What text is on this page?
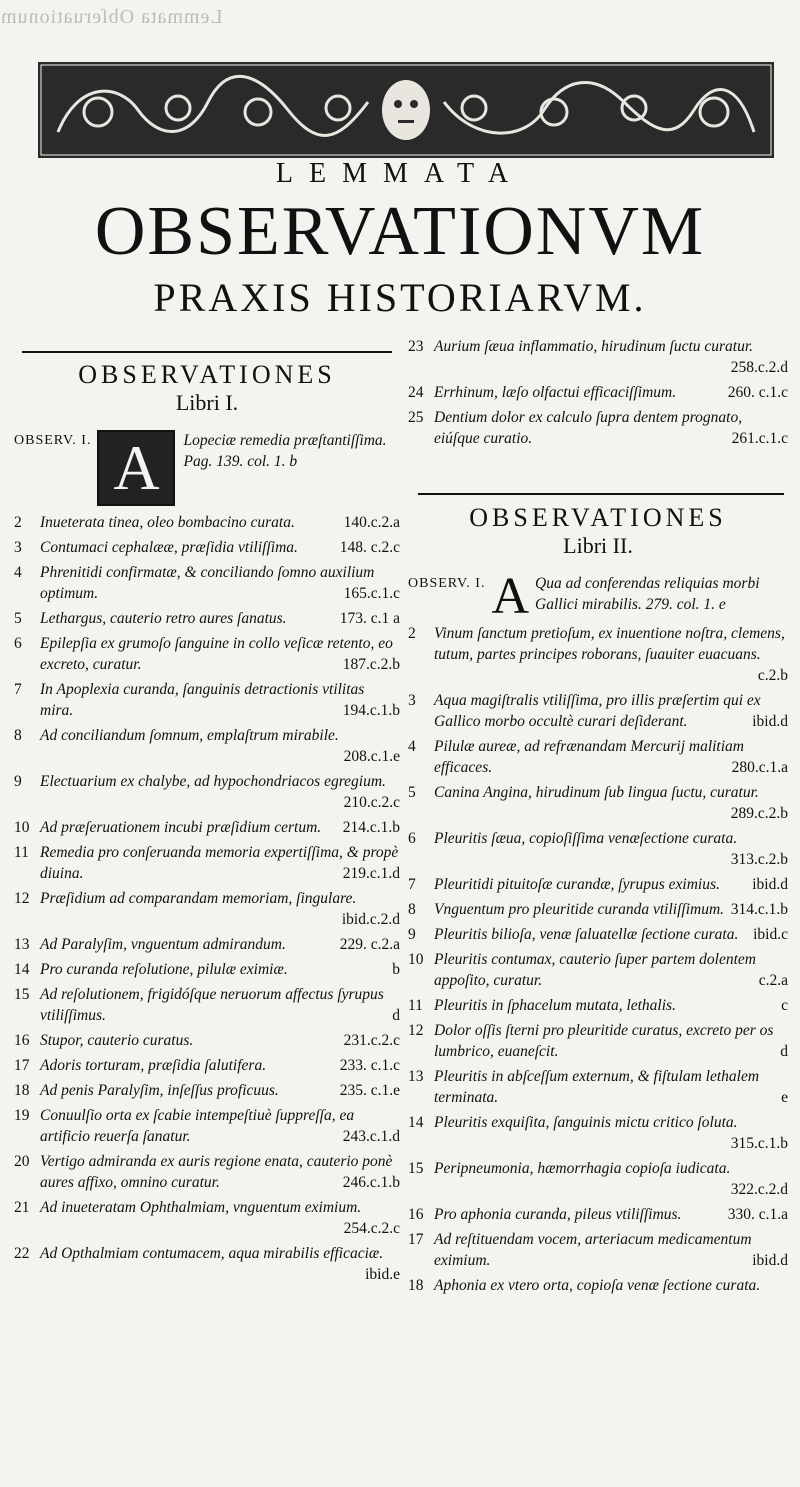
Lemmata Obſeruationum
LEMMATA
OBSERVATIONVM
PRAXIS HISTORIARVM.
OBSERVATIONES
Libri I.
OBSERV. I. A	Lopeciæ remedia præſtantiſſima. Pag. 139. col. 1. b
2 Inueterata tinea, oleo bombacino curata.	140.c.2.a
3 Contumaci cephalææ, præſidia vtiliſſima.	148. c.2.c
4 Phrenitidi confirmatæ, & conciliando ſomno auxilium optimum.	165.c.1.c
5 Lethargus, cauterio retro aures ſanatus.	173. c.1 a
6 Epilepſia ex grumoſo ſanguine in collo veſicæ retento, eo excreto, curatur.	187.c.2.b
7 In Apoplexia curanda, ſanguinis detractionis vtilitas mira.	194.c.1.b
8 Ad conciliandum ſomnum, emplaſtrum mirabile.
208.c.1.e
9 Electuarium ex chalybe, ad hypochondriacos egregium.
210.c.2.c
10 Ad præſeruationem incubi præſidium certum.	214.c.1.b
11 Remedia pro conſeruanda memoria expertiſſima, & propè diuina.	219.c.1.d
12 Præſidium ad comparandam memoriam, ſingulare.
ibid.c.2.d
13 Ad Paralyſim, vnguentum admirandum.	229. c.2.a
14 Pro curanda reſolutione, pilulæ eximiæ.	b
15 Ad reſolutionem, frigidóſque neruorum affectus ſyrupus vtiliſſimus.	d
16 Stupor, cauterio curatus.	231.c.2.c
17 Adoris torturam, præſidia ſalutifera.	233. c.1.c
18 Ad penis Paralyſim, inſeſſus proficuus.	235. c.1.e
19 Conuulſio orta ex ſcabie intempeſtiuè ſuppreſſa, ea artificio reuerſa ſanatur.	243.c.1.d
20 Vertigo admiranda ex auris regione enata, cauterio ponè aures affixo, omnino curatur.	246.c.1.b
21 Ad inueteratam Ophthalmiam, vnguentum eximium.
254.c.2.c
22 Ad Opthalmiam contumacem, aqua mirabilis efficaciæ.
ibid.e
23 Aurium ſæua inflammatio, hirudinum ſuctu curatur.
258.c.2.d
24 Errhinum, læſo olfactui efficaciſſimum.	260. c.1.c
25 Dentium dolor ex calculo ſupra dentem prognato, eiúſque curatio.	261.c.1.c
OBSERVATIONES
Libri II.
OBSERV. I. A Qua ad conferendas reliquias morbi Gallici mirabilis. 279. col. 1. e
2 Vinum ſanctum pretioſum, ex inuentione noſtra, clemens, tutum, partes principes roborans, ſuauiter euacuans.
c.2.b
3 Aqua magiſtralis vtiliſſima, pro illis præſertim qui ex Gallico morbo occultè curari deſiderant.	ibid.d
4 Pilulæ aureæ, ad refrænandam Mercurij malitiam efficaces.	280.c.1.a
5 Canina Angina, hirudinum ſub lingua ſuctu, curatur.
289.c.2.b
6 Pleuritis ſæua, copioſiſſima venæſectione curata.
313.c.2.b
7 Pleuritidi pituitoſæ curandæ, ſyrupus eximius.	ibid.d
8 Vnguentum pro pleuritide curanda vtiliſſimum. 314.c.1.b
9 Pleuritis bilioſa, venæ ſaluatellæ ſectione curata. ibid.c
10 Pleuritis contumax, cauterio ſuper partem dolentem appoſito, curatur.	c.2.a
11 Pleuritis in ſphacelum mutata, lethalis.	c
12 Dolor oſſis ſterni pro pleuritide curatus, excreto per os lumbrico, euaneſcit.	d
13 Pleuritis in abſceſſum externum, & fiſtulam lethalem terminata.	e
14 Pleuritis exquiſita, ſanguinis mictu critico ſoluta.
315.c.1.b
15 Peripneumonia, hæmorrhagia copioſa iudicata.
322.c.2.d
16 Pro aphonia curanda, pileus vtiliſſimus.	330. c.1.a
17 Ad reſtituendam vocem, arteriacum medicamentum eximium.	ibid.d
18 Aphonia ex vtero orta, copioſa venæ ſectione curata.
